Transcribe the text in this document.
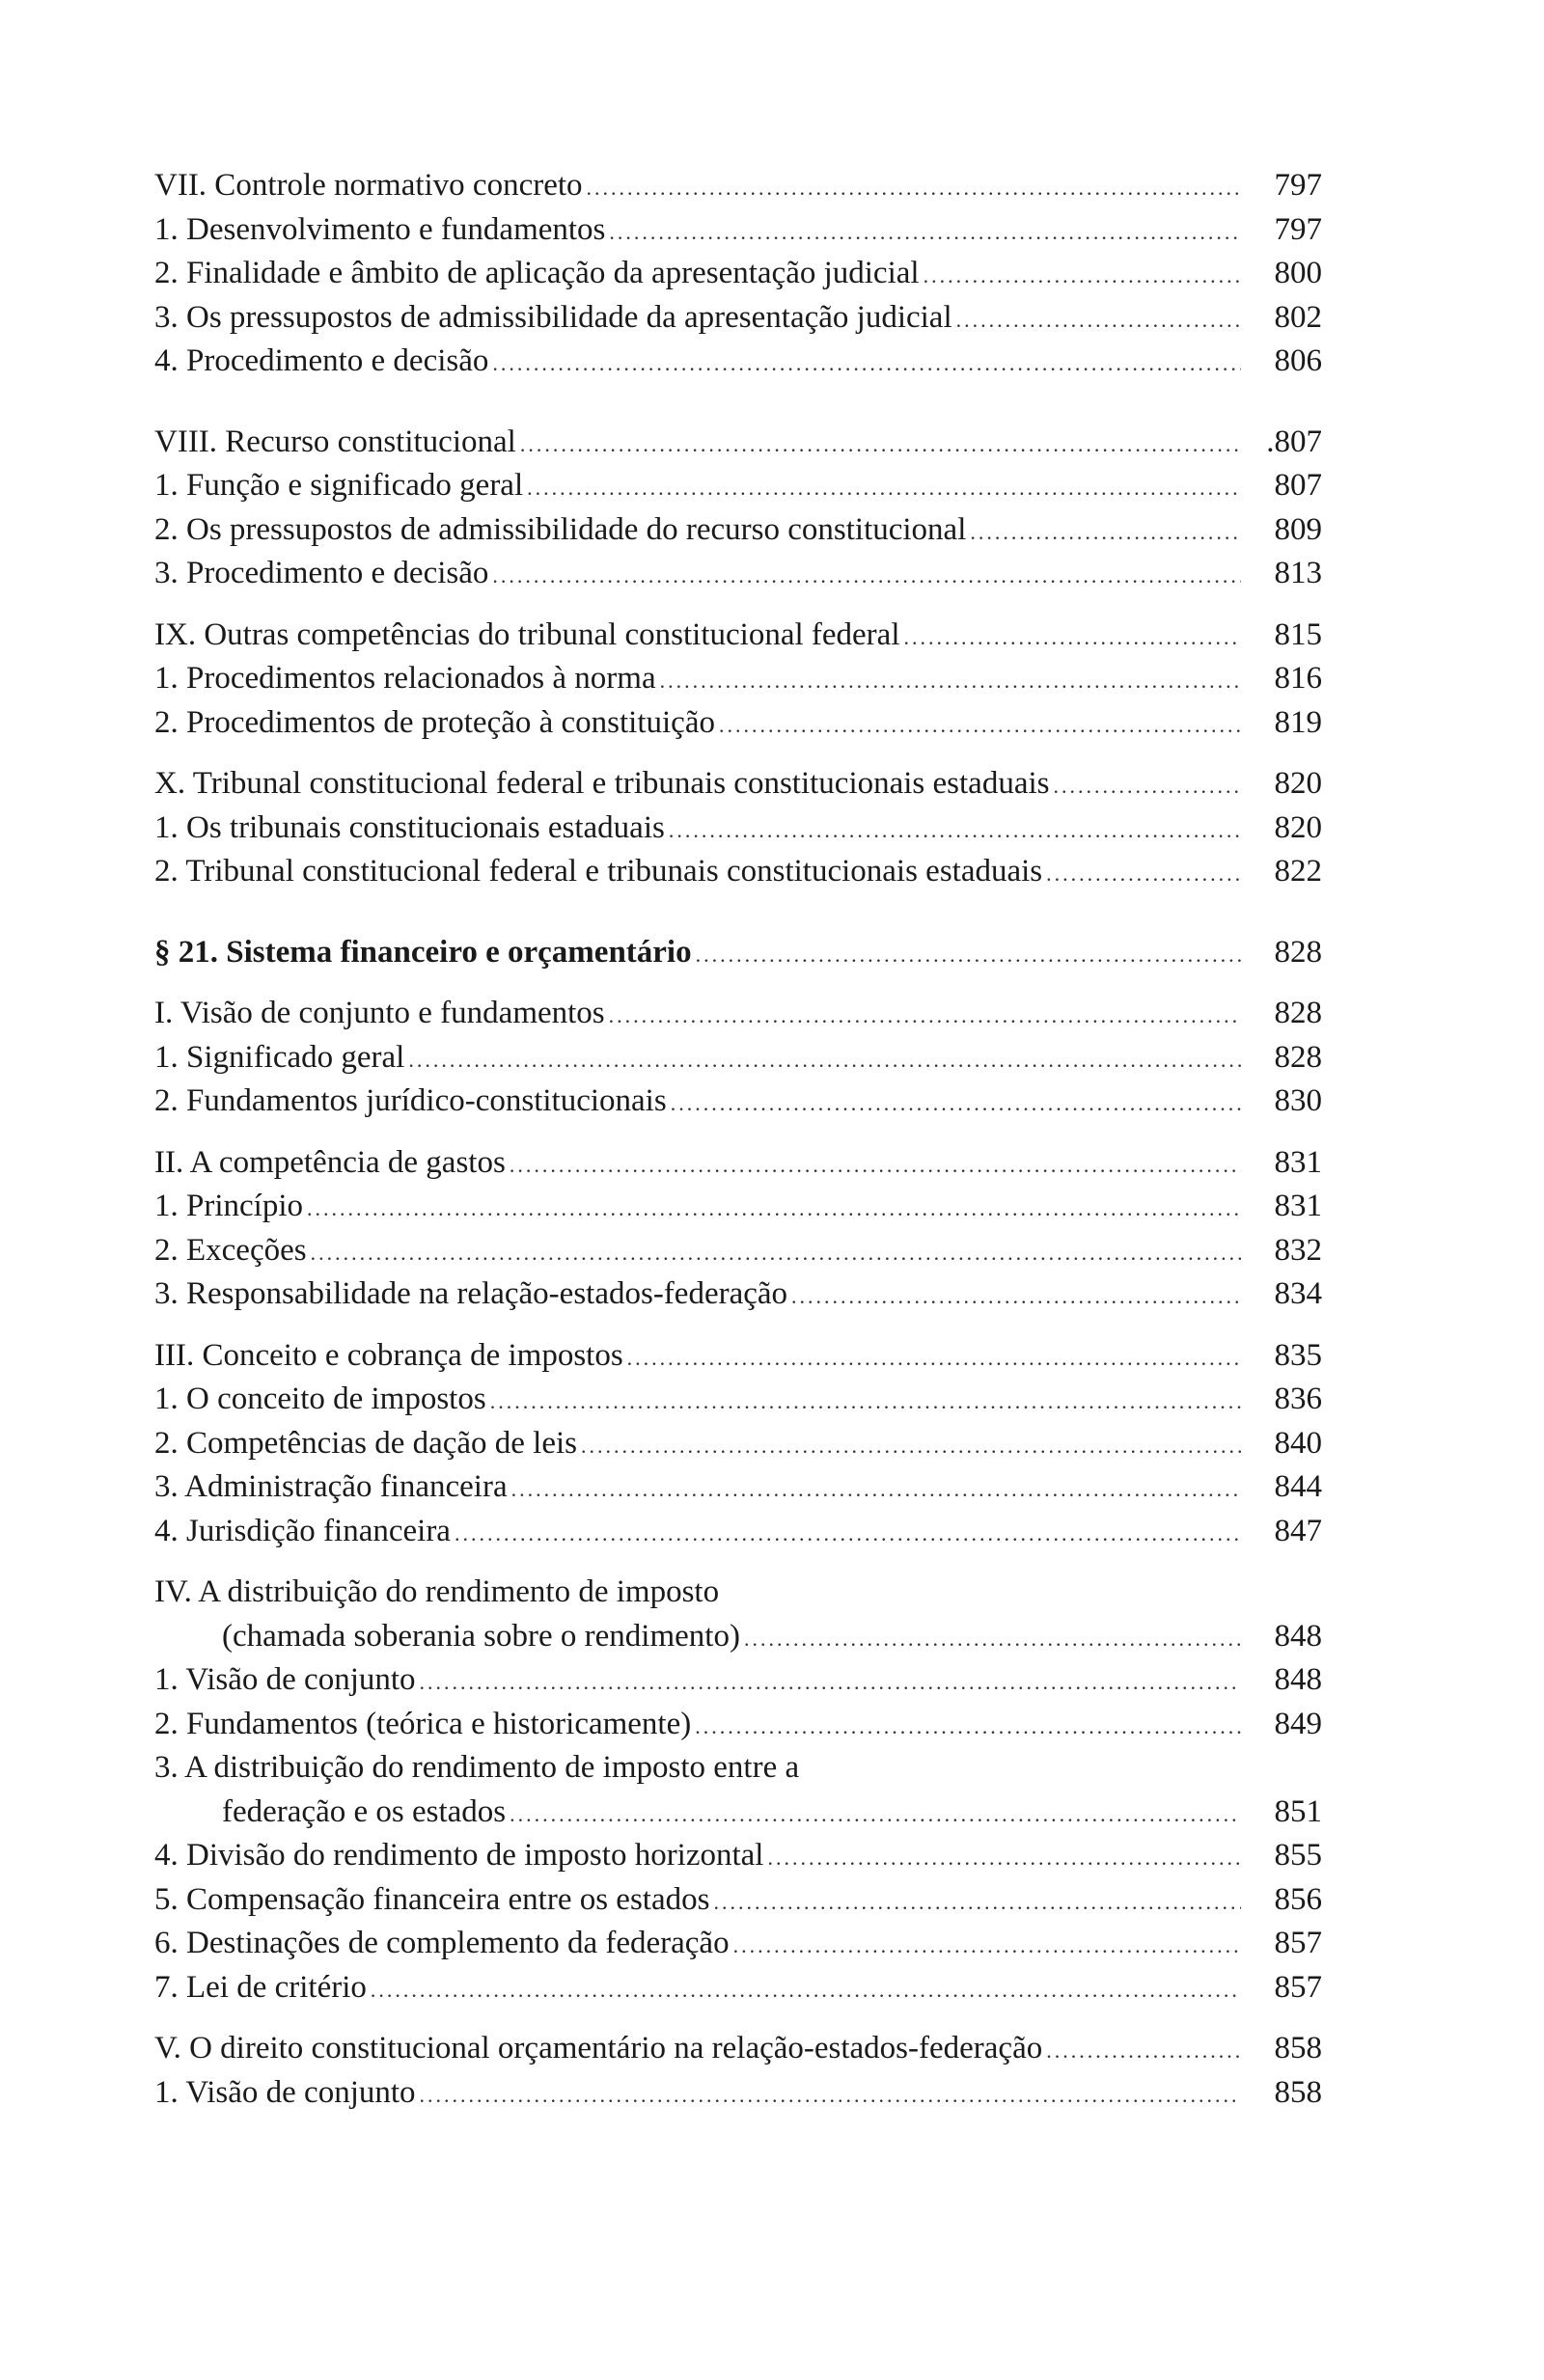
VII. Controle normativo concreto .....	797
1. Desenvolvimento e fundamentos .....	797
2. Finalidade e âmbito de aplicação da apresentação judicial .....	800
3. Os pressupostos de admissibilidade da apresentação judicial .....	802
4. Procedimento e decisão .....	806
VIII. Recurso constitucional .....	.807
1. Função e significado geral .....	807
2. Os pressupostos de admissibilidade do recurso constitucional .....	809
3. Procedimento e decisão .....	813
IX. Outras competências do tribunal constitucional federal .....	815
1. Procedimentos relacionados à norma .....	816
2. Procedimentos de proteção à constituição .....	819
X. Tribunal constitucional federal e tribunais constitucionais estaduais .....	820
1. Os tribunais constitucionais estaduais .....	820
2. Tribunal constitucional federal e tribunais constitucionais estaduais .....	822
§ 21. Sistema financeiro e orçamentário .....	828
I. Visão de conjunto e fundamentos .....	828
1. Significado geral .....	828
2. Fundamentos jurídico-constitucionais .....	830
II. A competência de gastos .....	831
1. Princípio .....	831
2. Exceções .....	832
3. Responsabilidade na relação-estados-federação .....	834
III. Conceito e cobrança de impostos .....	835
1. O conceito de impostos .....	836
2. Competências de dação de leis .....	840
3. Administração financeira .....	844
4. Jurisdição financeira .....	847
IV. A distribuição do rendimento de imposto
(chamada soberania sobre o rendimento) .....	848
1. Visão de conjunto .....	848
2. Fundamentos (teórica e historicamente) .....	849
3. A distribuição do rendimento de imposto entre a
federação e os estados .....	851
4. Divisão do rendimento de imposto horizontal .....	855
5. Compensação financeira entre os estados .....	856
6. Destinações de complemento da federação .....	857
7. Lei de critério .....	857
V. O direito constitucional orçamentário na relação-estados-federação .....	858
1. Visão de conjunto .....	858
